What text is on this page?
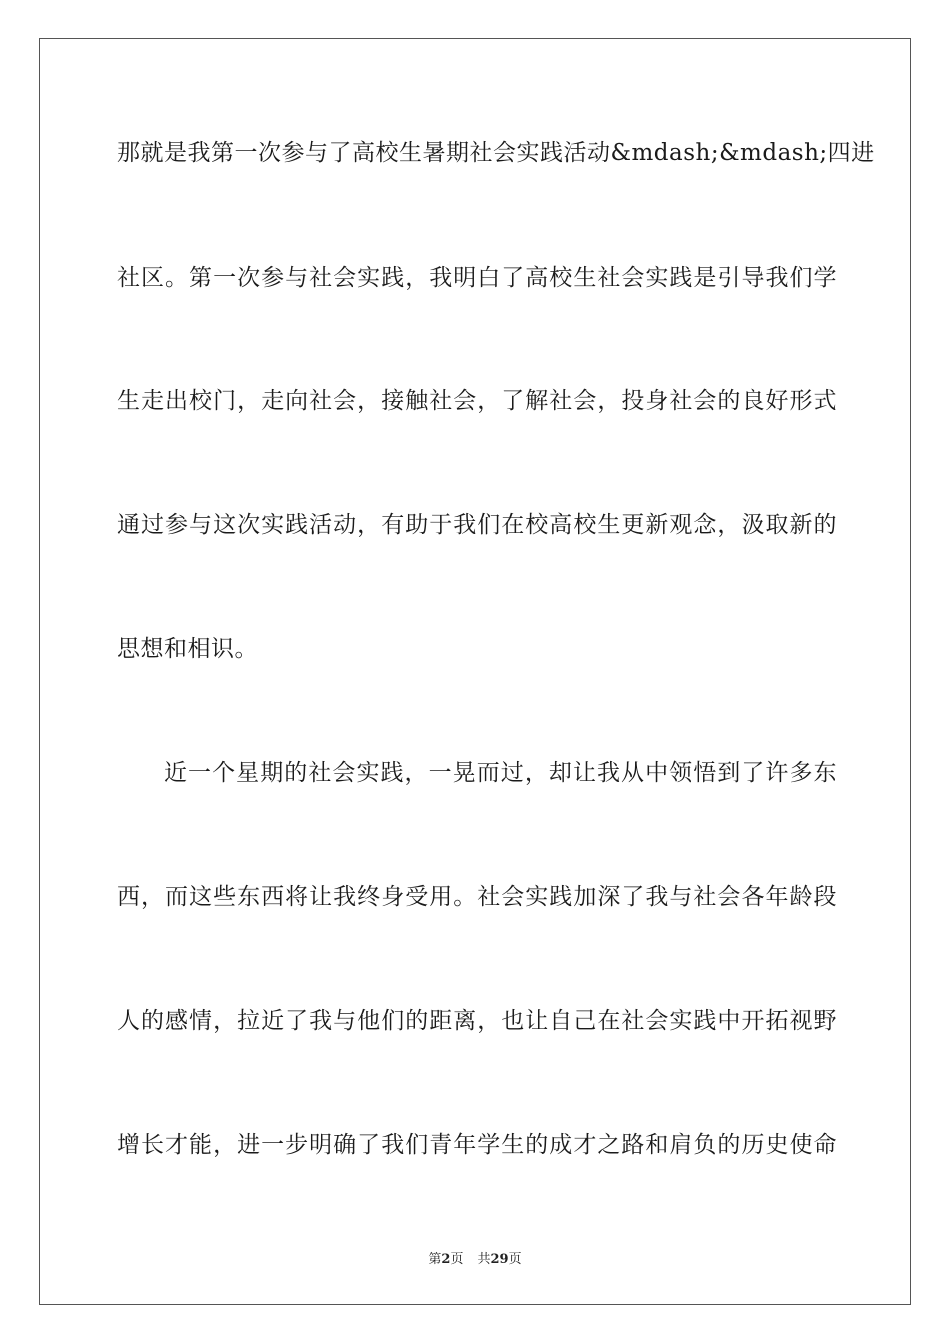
那就是我第一次参与了高校生暑期社会实践活动&mdash;&mdash;四进
社区。第一次参与社会实践，我明白了高校生社会实践是引导我们学
生走出校门，走向社会，接触社会，了解社会，投身社会的良好形式
通过参与这次实践活动，有助于我们在校高校生更新观念，汲取新的
思想和相识。
近一个星期的社会实践，一晃而过，却让我从中领悟到了许多东
西，而这些东西将让我终身受用。社会实践加深了我与社会各年龄段
人的感情，拉近了我与他们的距离，也让自己在社会实践中开拓视野
增长才能，进一步明确了我们青年学生的成才之路和肩负的历史使命
第2页 共29页
